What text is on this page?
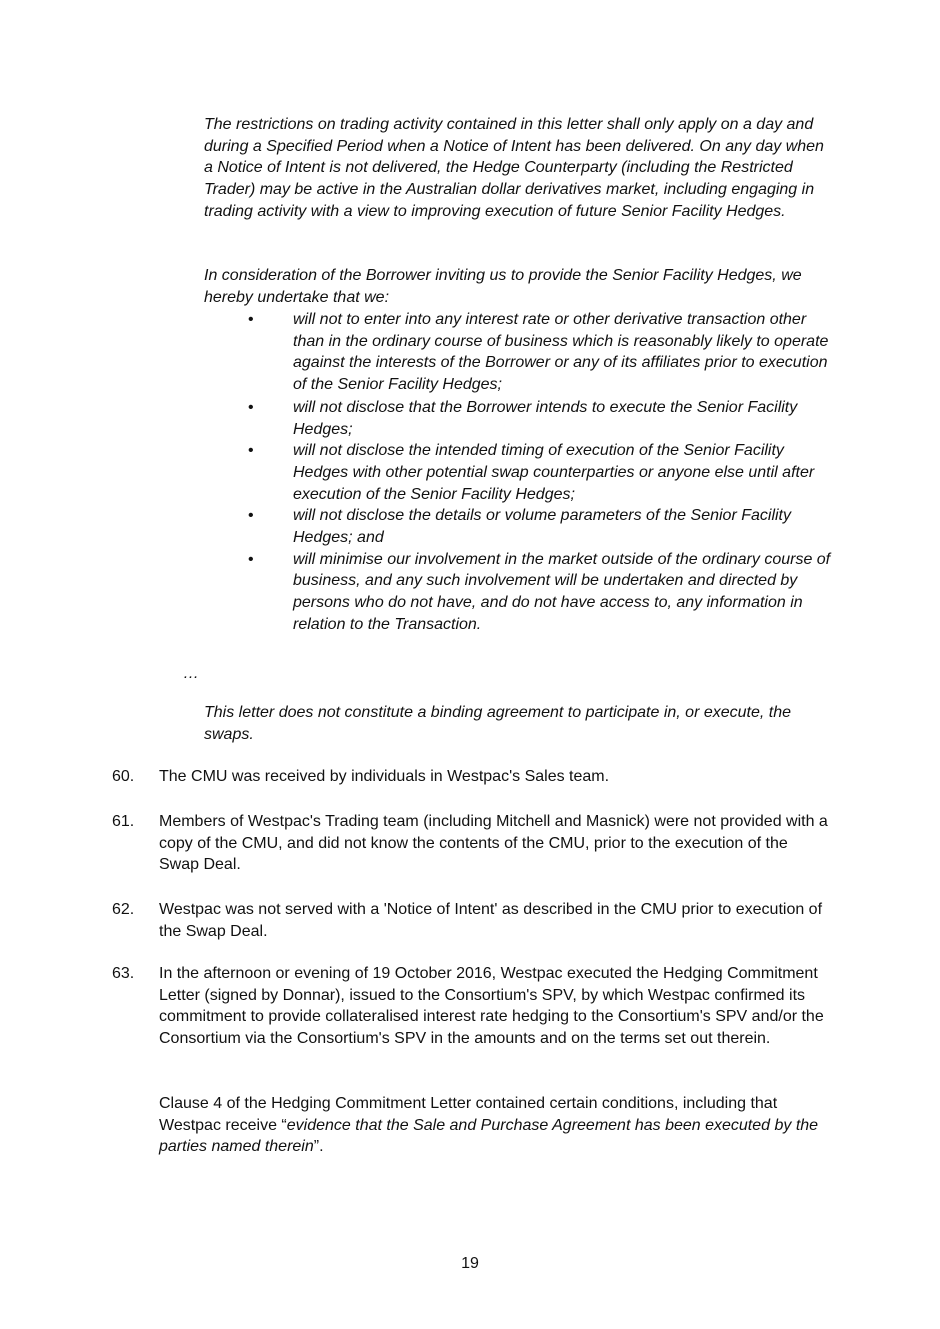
The restrictions on trading activity contained in this letter shall only apply on a day and during a Specified Period when a Notice of Intent has been delivered. On any day when a Notice of Intent is not delivered, the Hedge Counterparty (including the Restricted Trader) may be active in the Australian dollar derivatives market, including engaging in trading activity with a view to improving execution of future Senior Facility Hedges.

In consideration of the Borrower inviting us to provide the Senior Facility Hedges, we hereby undertake that we:

• will not to enter into any interest rate or other derivative transaction other than in the ordinary course of business which is reasonably likely to operate against the interests of the Borrower or any of its affiliates prior to execution of the Senior Facility Hedges;

• will not disclose that the Borrower intends to execute the Senior Facility Hedges;

• will not disclose the intended timing of execution of the Senior Facility Hedges with other potential swap counterparties or anyone else until after execution of the Senior Facility Hedges;

• will not disclose the details or volume parameters of the Senior Facility Hedges; and

• will minimise our involvement in the market outside of the ordinary course of business, and any such involvement will be undertaken and directed by persons who do not have, and do not have access to, any information in relation to the Transaction.

…

This letter does not constitute a binding agreement to participate in, or execute, the swaps.

60. The CMU was received by individuals in Westpac's Sales team.
61. Members of Westpac's Trading team (including Mitchell and Masnick) were not provided with a copy of the CMU, and did not know the contents of the CMU, prior to the execution of the Swap Deal.
62. Westpac was not served with a 'Notice of Intent' as described in the CMU prior to execution of the Swap Deal.
63. In the afternoon or evening of 19 October 2016, Westpac executed the Hedging Commitment Letter (signed by Donnar), issued to the Consortium's SPV, by which Westpac confirmed its commitment to provide collateralised interest rate hedging to the Consortium's SPV and/or the Consortium via the Consortium's SPV in the amounts and on the terms set out therein.
Clause 4 of the Hedging Commitment Letter contained certain conditions, including that Westpac receive “evidence that the Sale and Purchase Agreement has been executed by the parties named therein”.
19
